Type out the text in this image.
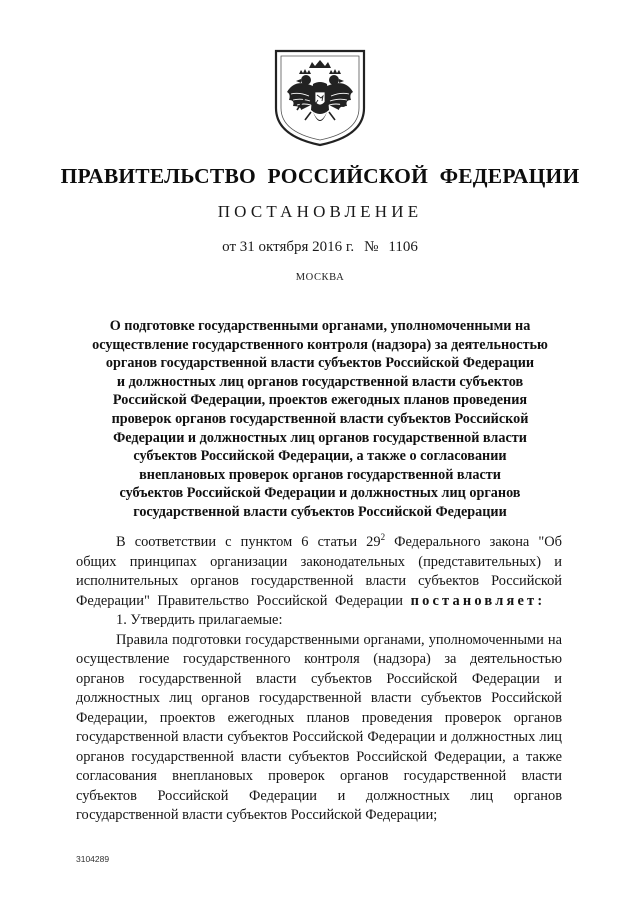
ПРАВИТЕЛЬСТВО РОССИЙСКОЙ ФЕДЕРАЦИИ
ПОСТАНОВЛЕНИЕ
от 31 октября 2016 г. № 1106
МОСКВА
О подготовке государственными органами, уполномоченными на
осуществление государственного контроля (надзора) за деятельностью
органов государственной власти субъектов Российской Федерации
и должностных лиц органов государственной власти субъектов
Российской Федерации, проектов ежегодных планов проведения
проверок органов государственной власти субъектов Российской
Федерации и должностных лиц органов государственной власти
субъектов Российской Федерации, а также о согласовании
внеплановых проверок органов государственной власти
субъектов Российской Федерации и должностных лиц органов
государственной власти субъектов Российской Федерации

В соответствии с пунктом 6 статьи $29^2$ Федерального закона "Об общих принципах организации законодательных (представительных) и исполнительных органов государственной власти субъектов Российской Федерации" Правительство Российской Федерации постановляет:

1. Утвердить прилагаемые:

Правила подготовки государственными органами, уполномоченными на осуществление государственного контроля (надзора) за деятельностью органов государственной власти субъектов Российской Федерации и должностных лиц органов государственной власти субъектов Российской Федерации, проектов ежегодных планов проведения проверок органов государственной власти субъектов Российской Федерации и должностных лиц органов государственной власти субъектов Российской Федерации, а также согласования внеплановых проверок органов государственной власти субъектов Российской Федерации и должностных лиц органов государственной власти субъектов Российской Федерации;

3104289
